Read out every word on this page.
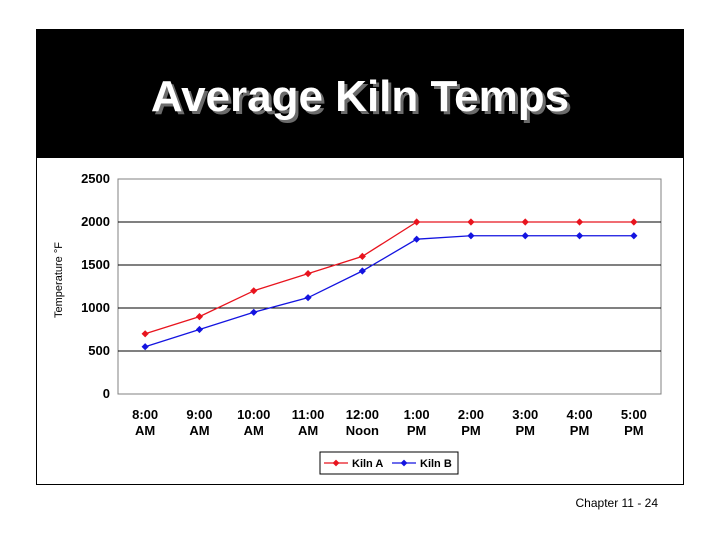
Average Kiln Temps
0
500
1000
1500
2000
2500
8:00
AM
9:00
AM
10:00
AM
11:00
AM
12:00
Noon
1:00
PM
2:00
PM
3:00
PM
4:00
PM
5:00
PM
Temperature °F
Kiln A	Kiln B
Chapter 11 - 24
